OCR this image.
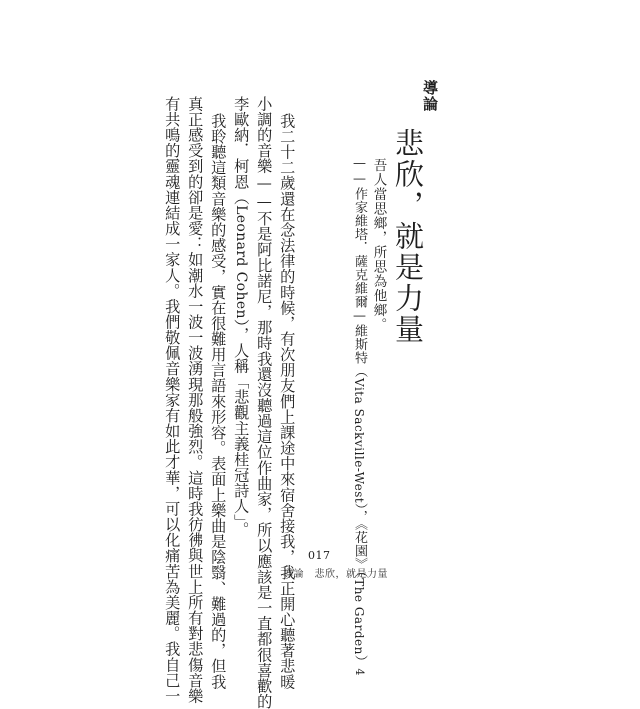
導論
悲欣，就是力量
吾人當思鄉，所思為他鄉。
——作家維塔．薩克維爾—維斯特（Vita Sackville-West），《花園》（The Garden）4
我二十二歲還在念法律的時候，有次朋友們上課途中來宿舍接我，我正開心聽著悲暖
小調的音樂——不是阿比諾尼，那時我還沒聽過這位作曲家，所以應該是一直都很喜歡的
李歐納．柯恩（Leonard Cohen），人稱「悲觀主義桂冠詩人」。
我聆聽這類音樂的感受，實在很難用言語來形容。表面上樂曲是陰翳、難過的，但我
真正感受到的卻是愛：如潮水一波一波湧現那般強烈。這時我彷彿與世上所有對悲傷音樂
有共鳴的靈魂連結成一家人。我們敬佩音樂家有如此才華，可以化痛苦為美麗。我自己一	017
導論　悲欣，就是力量
